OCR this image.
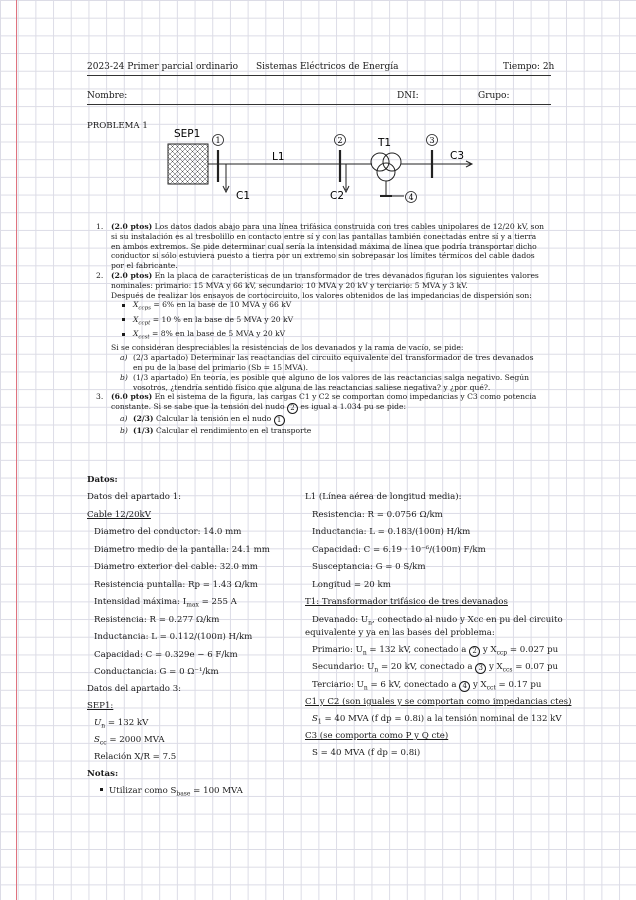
2023-24 Primer parcial ordinario Sistemas Eléctricos de Energía	Tiempo: 2h
Nombre:	DNI:	Grupo:
PROBLEMA 1
SEP1
1
L1
C1
2
C2
T1
4
3
C3
1. (2.0 ptos) Los datos dados abajo para una línea trifásica construida con tres cables unipolares de 12/20 kV, son
si su instalación es al tresbolillo en contacto entre sí y con las pantallas también conectadas entre sí y a tierra
en ambos extremos. Se pide determinar cual sería la intensidad máxima de línea que podría transportar dicho
conductor si sólo estuviera puesto a tierra por un extremo sin sobrepasar los límites térmicos del cable dados
por el fabricante.
2. (2.0 ptos) En la placa de características de un transformador de tres devanados figuran los siguientes valores
nominales: primario: 15 MVA y 66 kV, secundario: 10 MVA y 20 kV y terciario: 5 MVA y 3 kV.
Después de realizar los ensayos de cortocircuito, los valores obtenidos de las impedancias de dispersión son:
$X_{ccps} = 6\%$ en la base de 10 MVA y 66 kV
$X_{ccpt} = 10$ % en la base de 5 MVA y 20 kV
$X_{ccst} = 8\%$ en la base de 5 MVA y 20 kV
Si se consideran despreciables la resistencias de los devanados y la rama de vacío, se pide:
a) (2/3 apartado) Determinar las reactancias del circuito equivalente del transformador de tres devanados
en pu de la base del primario (Sb = 15 MVA).
b) (1/3 apartado) En teoría, es posible que alguno de los valores de las reactancias salga negativo. Según
vosotros, ¿tendría sentido físico que alguna de las reactancias saliese negativa? y ¿por qué?.
3. (6.0 ptos) En el sistema de la figura, las cargas C1 y C2 se comportan como impedancias y C3 como potencia
constante. Si se sabe que la tensión del nudo 2 es igual a 1.034 pu se pide:
a) (2/3) Calcular la tensión en el nudo 1
b) (1/3) Calcular el rendimiento en el transporte
Datos:
Datos del apartado 1:
Cable 12/20kV
Diametro del conductor: 14.0 mm
Diametro medio de la pantalla: 24.1 mm
Diametro exterior del cable: 32.0 mm
Resistencia puntalla: Rp = 1.43 Ω/km
Intensidad máxima: $I_{max} = 255$ A
Resistencia: R = 0.277 Ω/km
Inductancia: L = 0.112/(100π) H/km
Capacidad: C = 0.329e − 6 F/km
Conductancia: G = 0 Ω⁻¹/km
Datos del apartado 3:
SEP1:
$U_n = 132$ kV
$S_{cc} = 2000$ MVA
Relación X/R = 7.5
Notas:
Utilizar como $S_{base} = 100$ MVA
L1 (Línea aérea de longitud media):
Resistencia: R = 0.0756 Ω/km
Inductancia: L = 0.183/(100π) H/km
Capacidad: C = 6.19 · 10⁻⁶/(100π) F/km
Susceptancia: G = 0 S/km
Longitud = 20 km
T1: Transformador trifásico de tres devanados
Devanado: $U_n$, conectado al nudo y Xcc en pu del circuito
equivalente y ya en las bases del problema:
Primario: $U_n = 132$ kV, conectado a 2 y $X_{ccp} = 0.027$ pu
Secundario: $U_n = 20$ kV, conectado a 3 y $X_{ccs} = 0.07$ pu
Terciario: $U_n = 6$ kV, conectado a 4 y $X_{cct} = 0.17$ pu
C1 y C2 (son iguales y se comportan como impedancias ctes)
$S_1 = 40$ MVA (f dp = 0.8i) a la tensión nominal de 132 kV
C3 (se comporta como P y Q cte)
S = 40 MVA (f dp = 0.8i)
